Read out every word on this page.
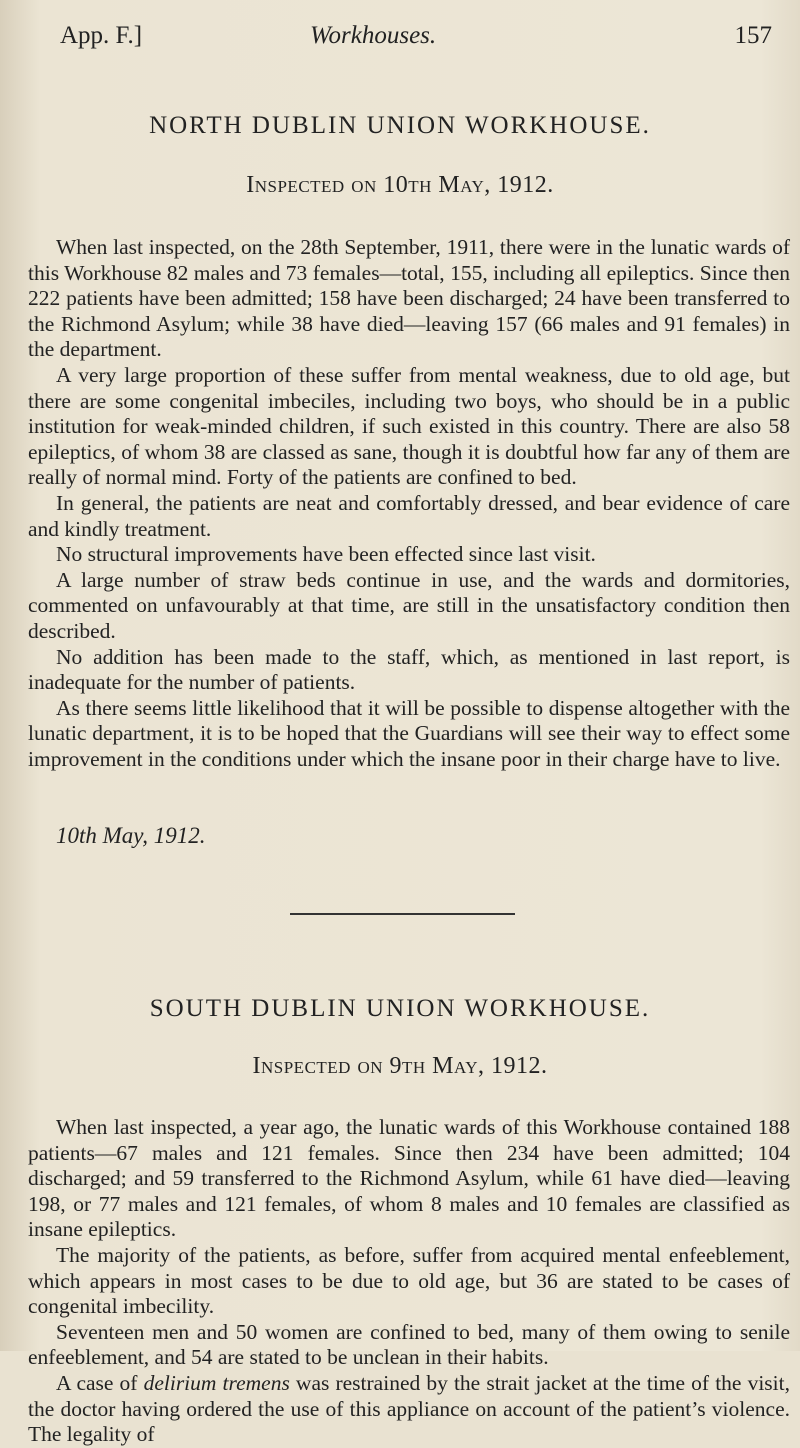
App. F.]	Workhouses.	157
NORTH DUBLIN UNION WORKHOUSE.
Inspected on 10th May, 1912.

When last inspected, on the 28th September, 1911, there were in the lunatic wards of this Workhouse 82 males and 73 females—total, 155, including all epileptics. Since then 222 patients have been admitted; 158 have been discharged; 24 have been transferred to the Richmond Asylum; while 38 have died—leaving 157 (66 males and 91 females) in the department.

A very large proportion of these suffer from mental weakness, due to old age, but there are some congenital imbeciles, including two boys, who should be in a public institution for weak-minded children, if such existed in this country. There are also 58 epileptics, of whom 38 are classed as sane, though it is doubtful how far any of them are really of normal mind. Forty of the patients are confined to bed.

In general, the patients are neat and comfortably dressed, and bear evidence of care and kindly treatment.

No structural improvements have been effected since last visit.

A large number of straw beds continue in use, and the wards and dormitories, commented on unfavourably at that time, are still in the unsatisfactory condition then described.

No addition has been made to the staff, which, as mentioned in last report, is inadequate for the number of patients.

As there seems little likelihood that it will be possible to dispense altogether with the lunatic department, it is to be hoped that the Guardians will see their way to effect some improvement in the conditions under which the insane poor in their charge have to live.

10th May, 1912.
SOUTH DUBLIN UNION WORKHOUSE.
Inspected on 9th May, 1912.

When last inspected, a year ago, the lunatic wards of this Workhouse contained 188 patients—67 males and 121 females. Since then 234 have been admitted; 104 discharged; and 59 transferred to the Richmond Asylum, while 61 have died—leaving 198, or 77 males and 121 females, of whom 8 males and 10 females are classified as insane epileptics.

The majority of the patients, as before, suffer from acquired mental enfeeblement, which appears in most cases to be due to old age, but 36 are stated to be cases of congenital imbecility.

Seventeen men and 50 women are confined to bed, many of them owing to senile enfeeblement, and 54 are stated to be unclean in their habits.

A case of delirium tremens was restrained by the strait jacket at the time of the visit, the doctor having ordered the use of this appliance on account of the patient’s violence. The legality of
